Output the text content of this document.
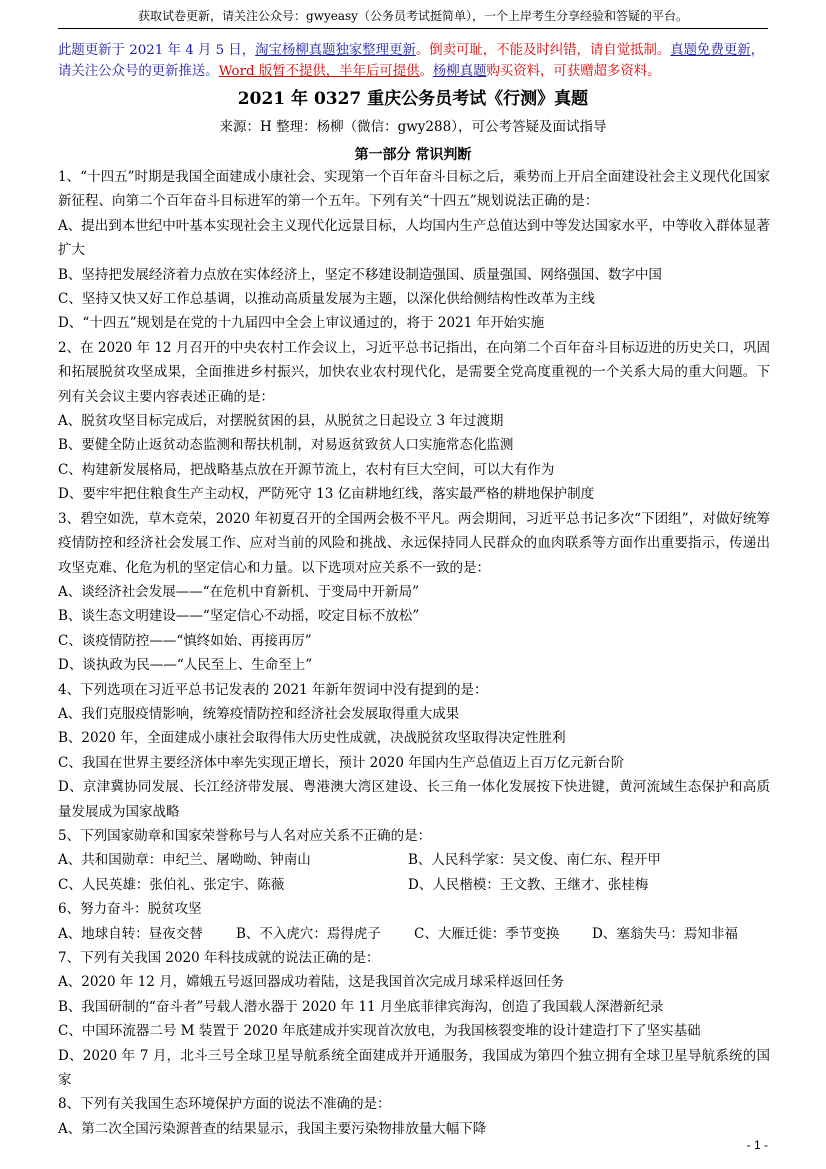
获取试卷更新，请关注公众号：gwyeasy（公务员考试挺简单），一个上岸考生分享经验和答疑的平台。
此题更新于 2021 年 4 月 5 日，淘宝杨柳真题独家整理更新。倒卖可耻，不能及时纠错，请自觉抵制。真题免费更新，请关注公众号的更新推送。Word 版暂不提供，半年后可提供。杨柳真题购买资料，可获赠超多资料。
2021 年 0327 重庆公务员考试《行测》真题
来源：H 整理：杨柳（微信：gwy288），可公考答疑及面试指导
第一部分 常识判断

1、“十四五”时期是我国全面建成小康社会、实现第一个百年奋斗目标之后，乘势而上开启全面建设社会主义现代化国家新征程、向第二个百年奋斗目标进军的第一个五年。下列有关“十四五”规划说法正确的是：

A、提出到本世纪中叶基本实现社会主义现代化远景目标，人均国内生产总值达到中等发达国家水平，中等收入群体显著扩大

B、坚持把发展经济着力点放在实体经济上，坚定不移建设制造强国、质量强国、网络强国、数字中国

C、坚持又快又好工作总基调，以推动高质量发展为主题，以深化供给侧结构性改革为主线

D、“十四五”规划是在党的十九届四中全会上审议通过的，将于 2021 年开始实施

2、在 2020 年 12 月召开的中央农村工作会议上，习近平总书记指出，在向第二个百年奋斗目标迈进的历史关口，巩固和拓展脱贫攻坚成果，全面推进乡村振兴，加快农业农村现代化，是需要全党高度重视的一个关系大局的重大问题。下列有关会议主要内容表述正确的是：

A、脱贫攻坚目标完成后，对摆脱贫困的县，从脱贫之日起设立 3 年过渡期

B、要健全防止返贫动态监测和帮扶机制，对易返贫致贫人口实施常态化监测

C、构建新发展格局，把战略基点放在开源节流上，农村有巨大空间，可以大有作为

D、要牢牢把住粮食生产主动权，严防死守 13 亿亩耕地红线，落实最严格的耕地保护制度

3、碧空如洗，草木竞荣，2020 年初夏召开的全国两会极不平凡。两会期间，习近平总书记多次“下团组”，对做好统筹疫情防控和经济社会发展工作、应对当前的风险和挑战、永远保持同人民群众的血肉联系等方面作出重要指示，传递出攻坚克难、化危为机的坚定信心和力量。以下选项对应关系不一致的是：

A、谈经济社会发展——“在危机中育新机、于变局中开新局”

B、谈生态文明建设——“坚定信心不动摇，咬定目标不放松”

C、谈疫情防控——“慎终如始、再接再厉”

D、谈执政为民——“人民至上、生命至上”

4、下列选项在习近平总书记发表的 2021 年新年贺词中没有提到的是：

A、我们克服疫情影响，统筹疫情防控和经济社会发展取得重大成果

B、2020 年，全面建成小康社会取得伟大历史性成就，决战脱贫攻坚取得决定性胜利

C、我国在世界主要经济体中率先实现正增长，预计 2020 年国内生产总值迈上百万亿元新台阶

D、京津冀协同发展、长江经济带发展、粤港澳大湾区建设、长三角一体化发展按下快进键，黄河流域生态保护和高质量发展成为国家战略

5、下列国家勋章和国家荣誉称号与人名对应关系不正确的是：

A、共和国勋章：申纪兰、屠呦呦、钟南山	B、人民科学家：吴文俊、南仁东、程开甲
C、人民英雄：张伯礼、张定宇、陈薇	D、人民楷模：王文教、王继才、张桂梅

6、努力奋斗：脱贫攻坚

A、地球自转：昼夜交替	B、不入虎穴：焉得虎子	C、大雁迁徙：季节变换	D、塞翁失马：焉知非福

7、下列有关我国 2020 年科技成就的说法正确的是：

A、2020 年 12 月，嫦娥五号返回器成功着陆，这是我国首次完成月球采样返回任务

B、我国研制的“奋斗者”号载人潜水器于 2020 年 11 月坐底菲律宾海沟，创造了我国载人深潜新纪录

C、中国环流器二号 M 装置于 2020 年底建成并实现首次放电，为我国核裂变堆的设计建造打下了坚实基础

D、2020 年 7 月，北斗三号全球卫星导航系统全面建成并开通服务，我国成为第四个独立拥有全球卫星导航系统的国家

8、下列有关我国生态环境保护方面的说法不准确的是：

A、第二次全国污染源普查的结果显示，我国主要污染物排放量大幅下降

- 1 -
